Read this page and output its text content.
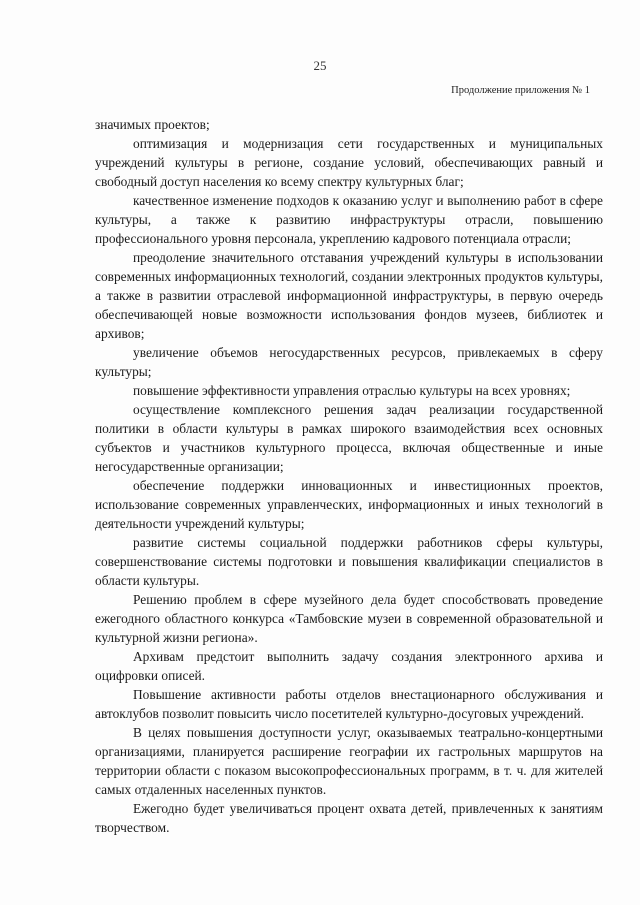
25
Продолжение приложения № 1

значимых проектов;

оптимизация и модернизация сети государственных и муниципальных учреждений культуры в регионе, создание условий, обеспечивающих равный и свободный доступ населения ко всему спектру культурных благ;

качественное изменение подходов к оказанию услуг и выполнению работ в сфере культуры, а также к развитию инфраструктуры отрасли, повышению профессионального уровня персонала, укреплению кадрового потенциала отрасли;

преодоление значительного отставания учреждений культуры в использовании современных информационных технологий, создании электронных продуктов культуры, а также в развитии отраслевой информационной инфраструктуры, в первую очередь обеспечивающей новые возможности использования фондов музеев, библиотек и архивов;

увеличение объемов негосударственных ресурсов, привлекаемых в сферу культуры;

повышение эффективности управления отраслью культуры на всех уровнях;

осуществление комплексного решения задач реализации государственной политики в области культуры в рамках широкого взаимодействия всех основных субъектов и участников культурного процесса, включая общественные и иные негосударственные организации;

обеспечение поддержки инновационных и инвестиционных проектов, использование современных управленческих, информационных и иных технологий в деятельности учреждений культуры;

развитие системы социальной поддержки работников сферы культуры, совершенствование системы подготовки и повышения квалификации специалистов в области культуры.

Решению проблем в сфере музейного дела будет способствовать проведение ежегодного областного конкурса «Тамбовские музеи в современной образовательной и культурной жизни региона».

Архивам предстоит выполнить задачу создания электронного архива и оцифровки описей.

Повышение активности работы отделов внестационарного обслуживания и автоклубов позволит повысить число посетителей культурно-досуговых учреждений.

В целях повышения доступности услуг, оказываемых театрально-концертными организациями, планируется расширение географии их гастрольных маршрутов на территории области с показом высокопрофессиональных программ, в т. ч. для жителей самых отдаленных населенных пунктов.

Ежегодно будет увеличиваться процент охвата детей, привлеченных к занятиям творчеством.
